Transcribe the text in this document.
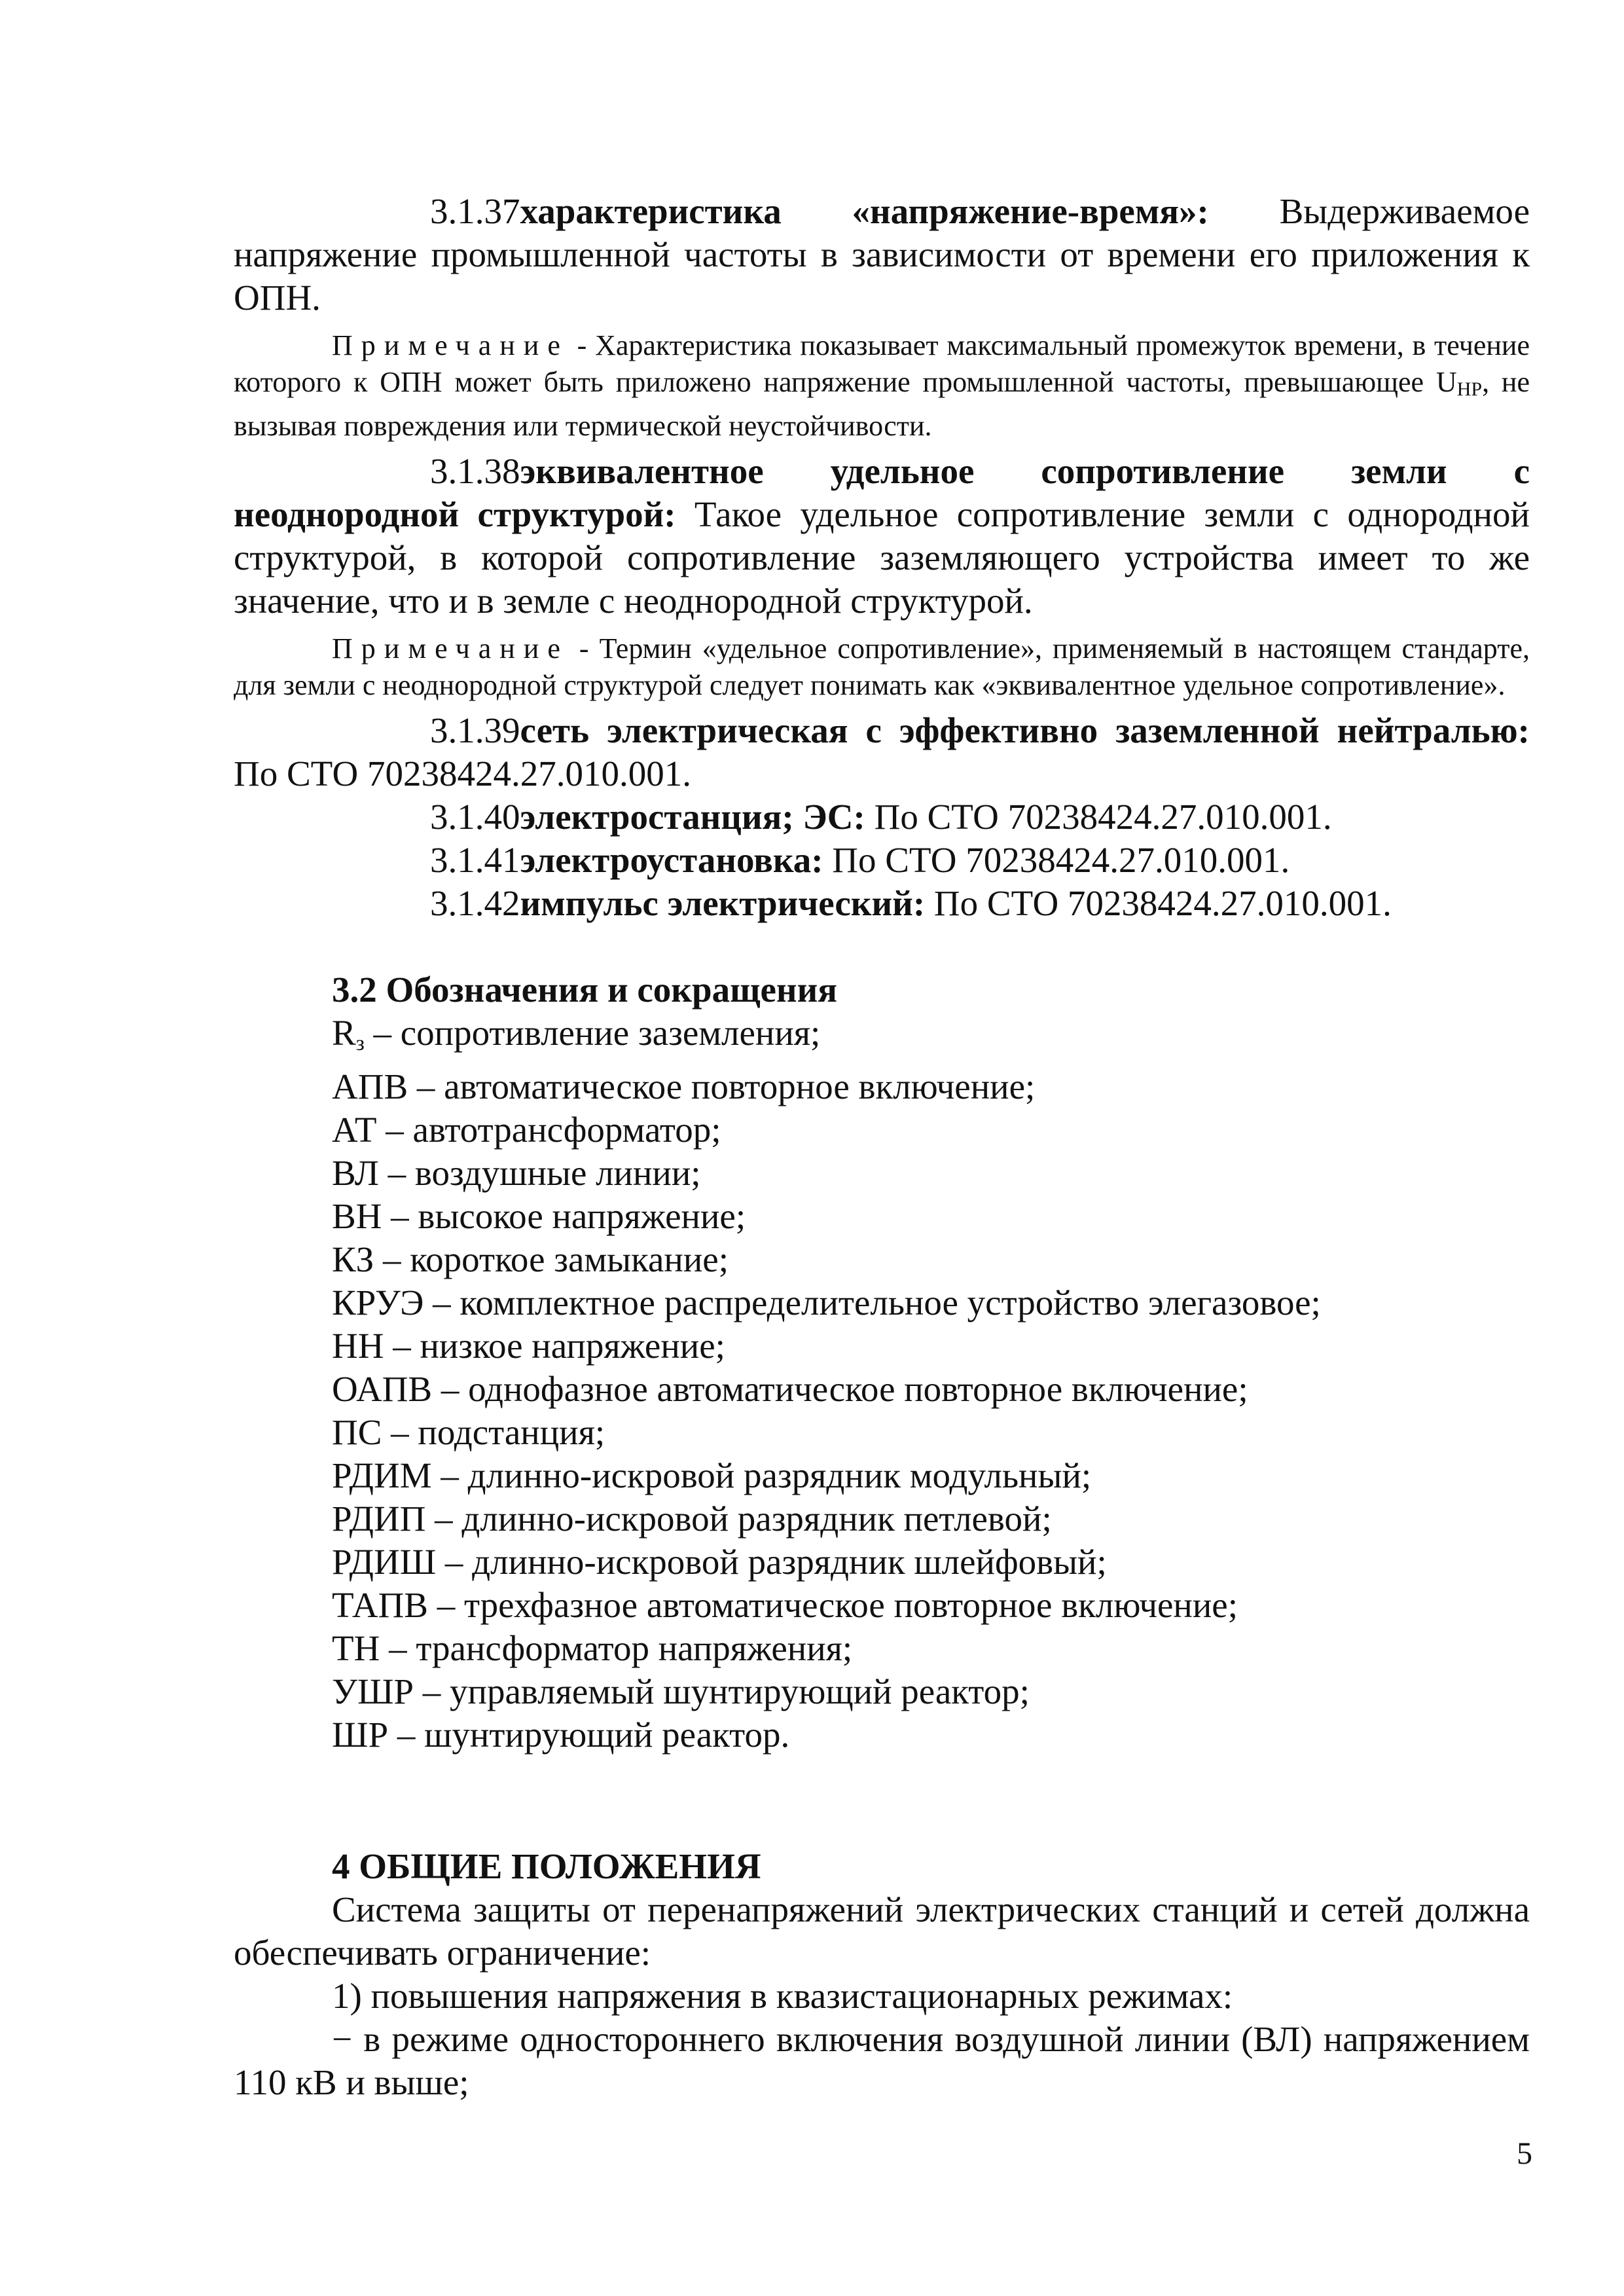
3.1.37характеристика «напряжение-время»: Выдерживаемое напряжение промышленной частоты в зависимости от времени его приложения к ОПН.

Примечание - Характеристика показывает максимальный промежуток времени, в течение которого к ОПН может быть приложено напряжение промышленной частоты, превышающее $U_{НР}$, не вызывая повреждения или термической неустойчивости.

3.1.38эквивалентное удельное сопротивление земли с неоднородной структурой: Такое удельное сопротивление земли с однородной структурой, в которой сопротивление заземляющего устройства имеет то же значение, что и в земле с неоднородной структурой.

Примечание - Термин «удельное сопротивление», применяемый в настоящем стандарте, для земли с неоднородной структурой следует понимать как «эквивалентное удельное сопротивление».

3.1.39сеть электрическая с эффективно заземленной нейтралью: По СТО 70238424.27.010.001.

3.1.40электростанция; ЭС: По СТО 70238424.27.010.001.

3.1.41электроустановка: По СТО 70238424.27.010.001.

3.1.42импульс электрический: По СТО 70238424.27.010.001.

3.2 Обозначения и сокращения

$R_з$ – сопротивление заземления;
АПВ – автоматическое повторное включение;
АТ – автотрансформатор;
ВЛ – воздушные линии;
ВН – высокое напряжение;
КЗ – короткое замыкание;
КРУЭ – комплектное распределительное устройство элегазовое;
НН – низкое напряжение;
ОАПВ – однофазное автоматическое повторное включение;
ПС – подстанция;
РДИМ – длинно-искровой разрядник модульный;
РДИП – длинно-искровой разрядник петлевой;
РДИШ – длинно-искровой разрядник шлейфовый;
ТАПВ – трехфазное автоматическое повторное включение;
ТН – трансформатор напряжения;
УШР – управляемый шунтирующий реактор;
ШР – шунтирующий реактор.

4 ОБЩИЕ ПОЛОЖЕНИЯ

Система защиты от перенапряжений электрических станций и сетей должна обеспечивать ограничение:

1) повышения напряжения в квазистационарных режимах:

− в режиме одностороннего включения воздушной линии (ВЛ) напряжением 110 кВ и выше;

5
